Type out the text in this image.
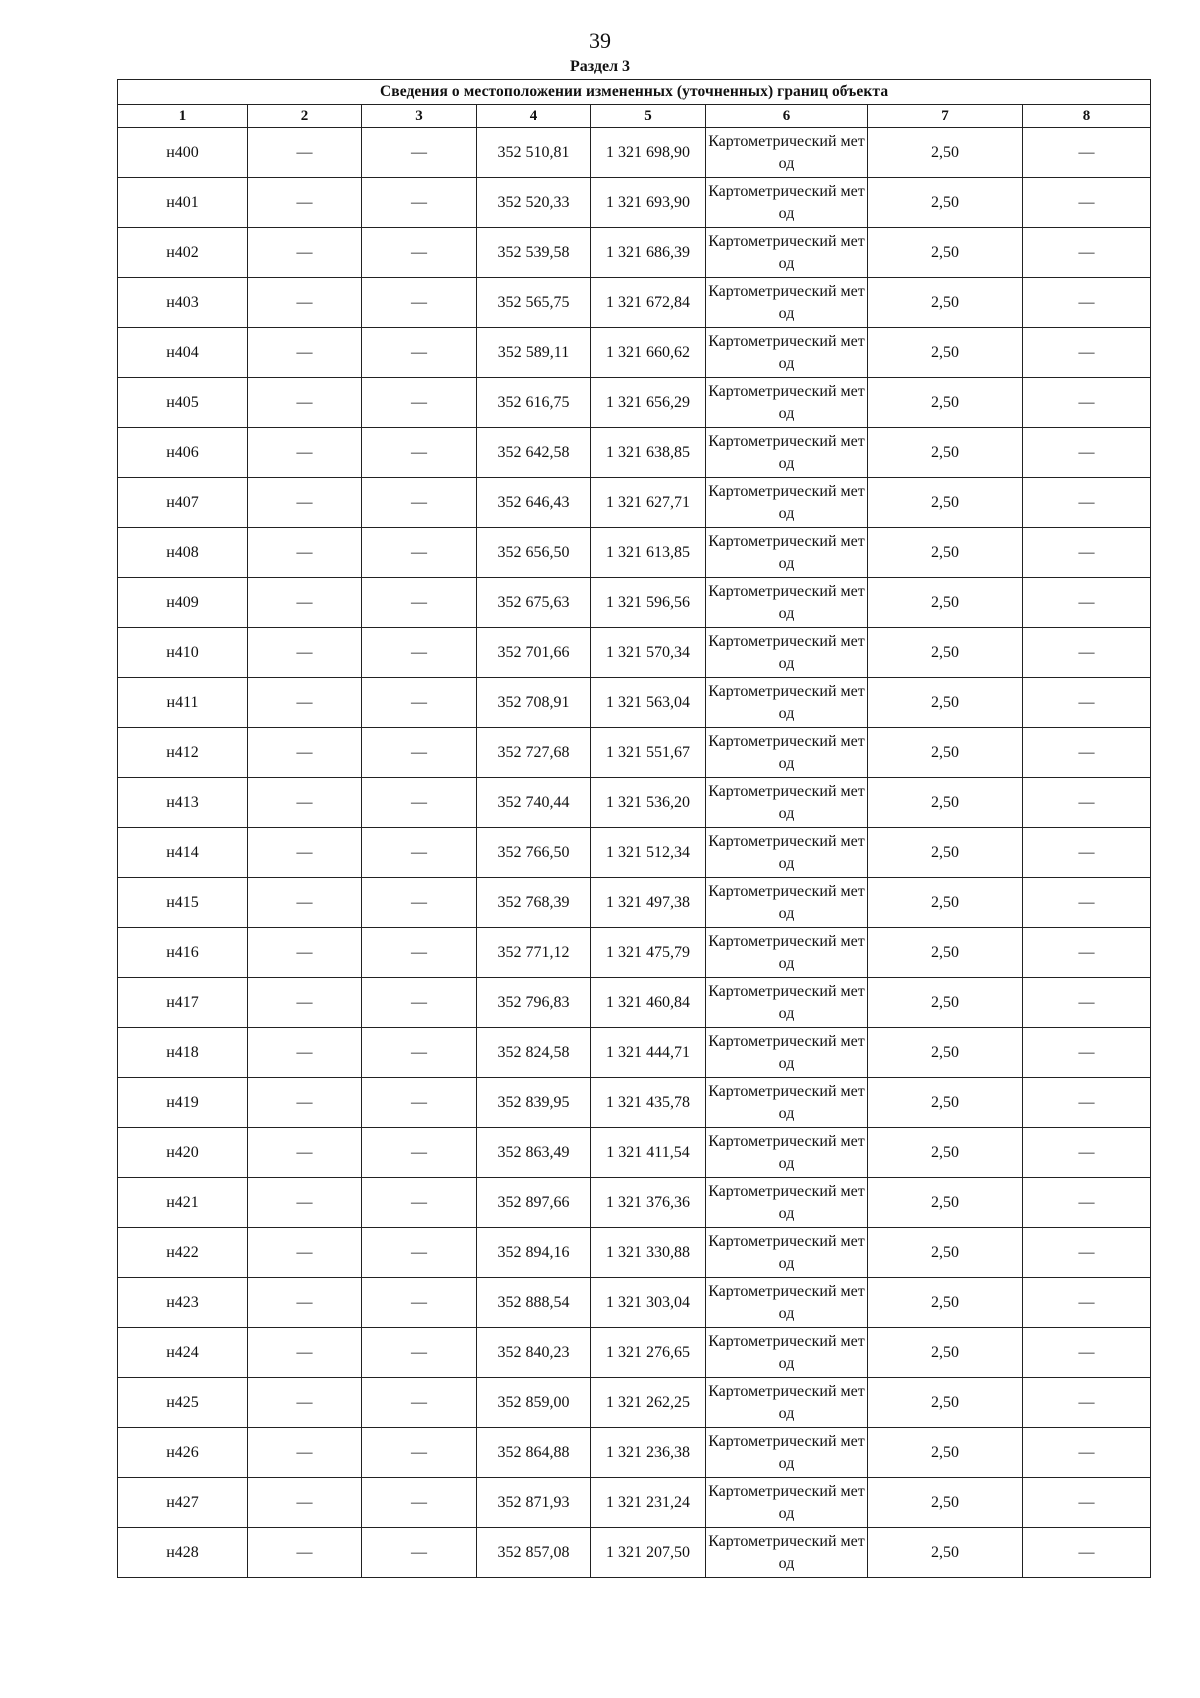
39
Раздел 3
Сведения о местоположении измененных (уточненных) границ объекта							
1	2	3	4	5	6	7	8
н400	—	—	352 510,81	1 321 698,90	Картометрический метод	2,50	—
н401	—	—	352 520,33	1 321 693,90	Картометрический метод	2,50	—
н402	—	—	352 539,58	1 321 686,39	Картометрический метод	2,50	—
н403	—	—	352 565,75	1 321 672,84	Картометрический метод	2,50	—
н404	—	—	352 589,11	1 321 660,62	Картометрический метод	2,50	—
н405	—	—	352 616,75	1 321 656,29	Картометрический метод	2,50	—
н406	—	—	352 642,58	1 321 638,85	Картометрический метод	2,50	—
н407	—	—	352 646,43	1 321 627,71	Картометрический метод	2,50	—
н408	—	—	352 656,50	1 321 613,85	Картометрический метод	2,50	—
н409	—	—	352 675,63	1 321 596,56	Картометрический метод	2,50	—
н410	—	—	352 701,66	1 321 570,34	Картометрический метод	2,50	—
н411	—	—	352 708,91	1 321 563,04	Картометрический метод	2,50	—
н412	—	—	352 727,68	1 321 551,67	Картометрический метод	2,50	—
н413	—	—	352 740,44	1 321 536,20	Картометрический метод	2,50	—
н414	—	—	352 766,50	1 321 512,34	Картометрический метод	2,50	—
н415	—	—	352 768,39	1 321 497,38	Картометрический метод	2,50	—
н416	—	—	352 771,12	1 321 475,79	Картометрический метод	2,50	—
н417	—	—	352 796,83	1 321 460,84	Картометрический метод	2,50	—
н418	—	—	352 824,58	1 321 444,71	Картометрический метод	2,50	—
н419	—	—	352 839,95	1 321 435,78	Картометрический метод	2,50	—
н420	—	—	352 863,49	1 321 411,54	Картометрический метод	2,50	—
н421	—	—	352 897,66	1 321 376,36	Картометрический метод	2,50	—
н422	—	—	352 894,16	1 321 330,88	Картометрический метод	2,50	—
н423	—	—	352 888,54	1 321 303,04	Картометрический метод	2,50	—
н424	—	—	352 840,23	1 321 276,65	Картометрический метод	2,50	—
н425	—	—	352 859,00	1 321 262,25	Картометрический метод	2,50	—
н426	—	—	352 864,88	1 321 236,38	Картометрический метод	2,50	—
н427	—	—	352 871,93	1 321 231,24	Картометрический метод	2,50	—
н428	—	—	352 857,08	1 321 207,50	Картометрический метод	2,50	—
